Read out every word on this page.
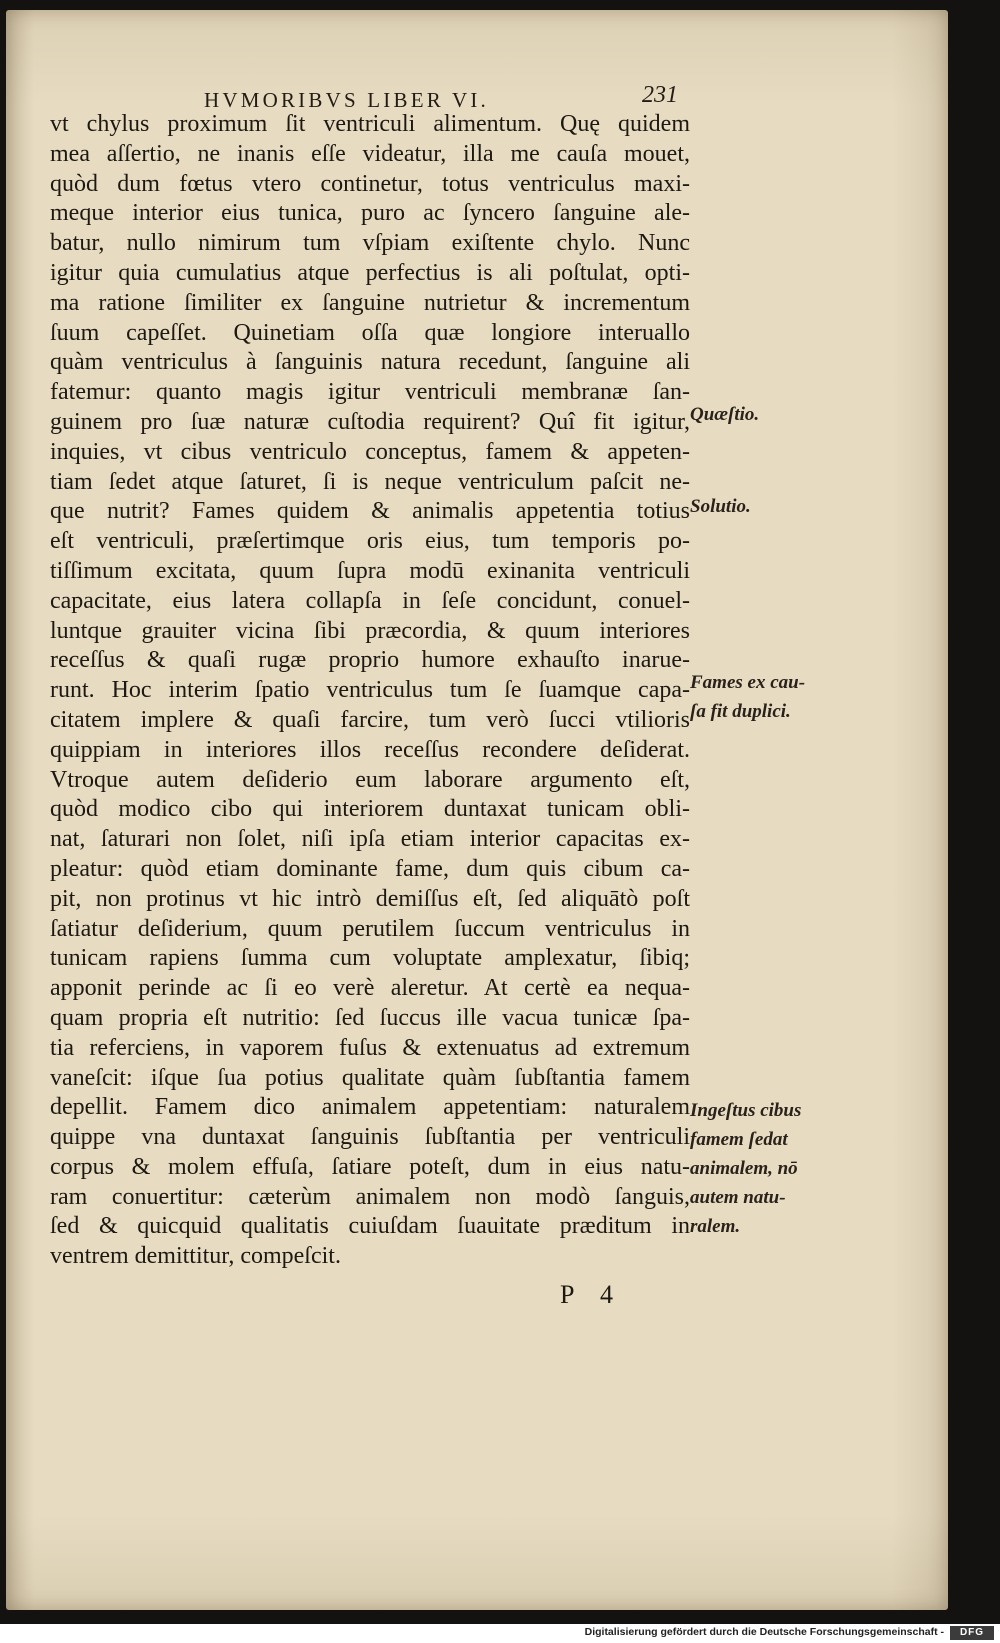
HVMORIBVS LIBER VI.	231
vt chylus proximum ſit ventriculi alimentum. Quę quidem
mea aſſertio, ne inanis eſſe videatur, illa me cauſa mouet,
quòd dum fœtus vtero continetur, totus ventriculus maxi-
meque interior eius tunica, puro ac ſyncero ſanguine ale-
batur, nullo nimirum tum vſpiam exiſtente chylo. Nunc
igitur quia cumulatius atque perfectius is ali poſtulat, opti-
ma ratione ſimiliter ex ſanguine nutrietur & incrementum
ſuum capeſſet. Quinetiam oſſa quæ longiore interuallo
quàm ventriculus à ſanguinis natura recedunt, ſanguine ali
fatemur: quanto magis igitur ventriculi membranæ ſan-
guinem pro ſuæ naturæ cuſtodia requirent? Quî fit igitur,
inquies, vt cibus ventriculo conceptus, famem & appeten-
tiam ſedet atque ſaturet, ſi is neque ventriculum paſcit ne-
que nutrit? Fames quidem & animalis appetentia totius
eſt ventriculi, præſertimque oris eius, tum temporis po-
tiſſimum excitata, quum ſupra modū exinanita ventriculi
capacitate, eius latera collapſa in ſeſe concidunt, conuel-
luntque grauiter vicina ſibi præcordia, & quum interiores
receſſus & quaſi rugæ proprio humore exhauſto inarue-
runt. Hoc interim ſpatio ventriculus tum ſe ſuamque capa-
citatem implere & quaſi farcire, tum verò ſucci vtilioris
quippiam in interiores illos receſſus recondere deſiderat.
Vtroque autem deſiderio eum laborare argumento eſt,
quòd modico cibo qui interiorem duntaxat tunicam obli-
nat, ſaturari non ſolet, niſi ipſa etiam interior capacitas ex-
pleatur: quòd etiam dominante fame, dum quis cibum ca-
pit, non protinus vt hic intrò demiſſus eſt, ſed aliquātò poſt
ſatiatur deſiderium, quum perutilem ſuccum ventriculus in
tunicam rapiens ſumma cum voluptate amplexatur, ſibiq;
apponit perinde ac ſi eo verè aleretur. At certè ea nequa-
quam propria eſt nutritio: ſed ſuccus ille vacua tunicæ ſpa-
tia referciens, in vaporem fuſus & extenuatus ad extremum
vaneſcit: iſque ſua potius qualitate quàm ſubſtantia famem
depellit. Famem dico animalem appetentiam: naturalem
quippe vna duntaxat ſanguinis ſubſtantia per ventriculi
corpus & molem effuſa, ſatiare poteſt, dum in eius natu-
ram conuertitur: cæterùm animalem non modò ſanguis,
ſed & quicquid qualitatis cuiuſdam ſuauitate præditum in
ventrem demittitur, compeſcit.
Quæſtio.
Solutio.
Fames ex cau-
ſa fit duplici.
Ingeſtus cibus
famem ſedat
animalem, nō
autem natu-
ralem.
P 4
Digitalisierung gefördert durch die Deutsche Forschungsgemeinschaft -	DFG
